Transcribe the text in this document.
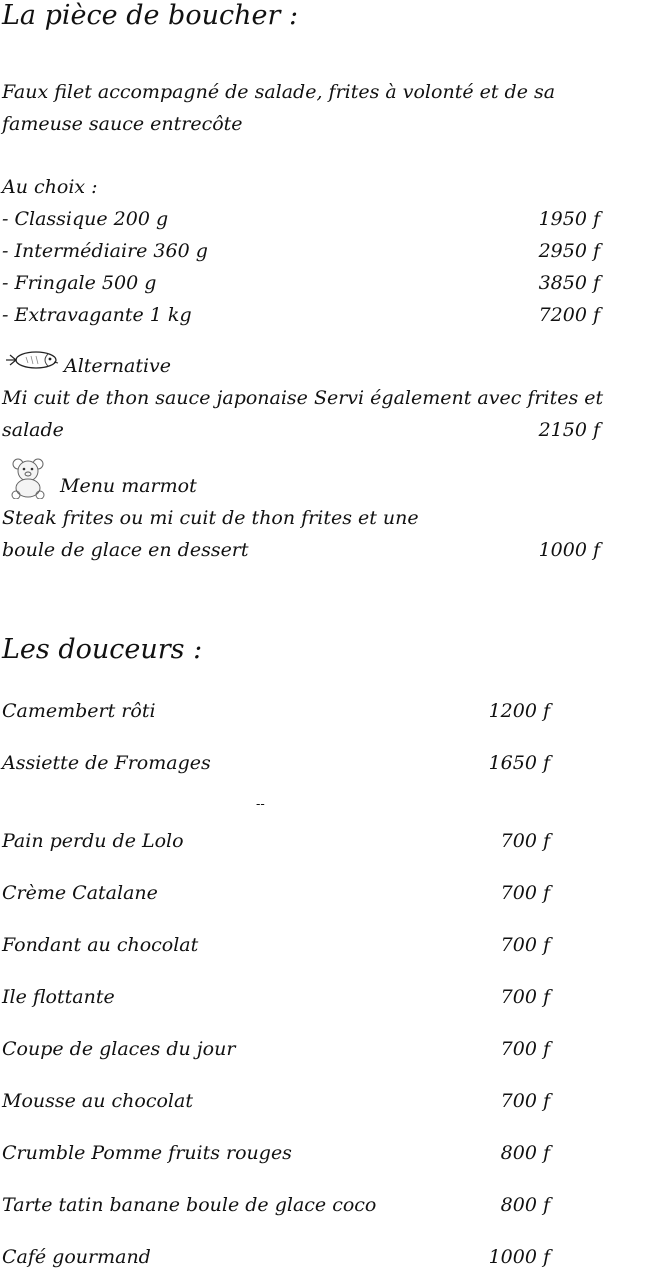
La pièce de boucher :
Faux filet accompagné de salade, frites à volonté et de sa
fameuse sauce entrecôte
Au choix :
- Classique 200 g	1950 f
- Intermédiaire 360 g	2950 f
- Fringale 500 g	3850 f
- Extravagante 1 kg	7200 f
Alternative
Mi cuit de thon sauce japonaise Servi également avec frites et
salade	2150 f
Menu marmot
Steak frites ou mi cuit de thon frites et une
boule de glace en dessert	1000 f
Les douceurs :
Camembert rôti	1200 f
Assiette de Fromages	1650 f
--
Pain perdu de Lolo	700 f
Crème Catalane	700 f
Fondant au chocolat	700 f
Ile flottante	700 f
Coupe de glaces du jour	700 f
Mousse au chocolat	700 f
Crumble Pomme fruits rouges	800 f
Tarte tatin banane boule de glace coco	800 f
Café gourmand	1000 f
